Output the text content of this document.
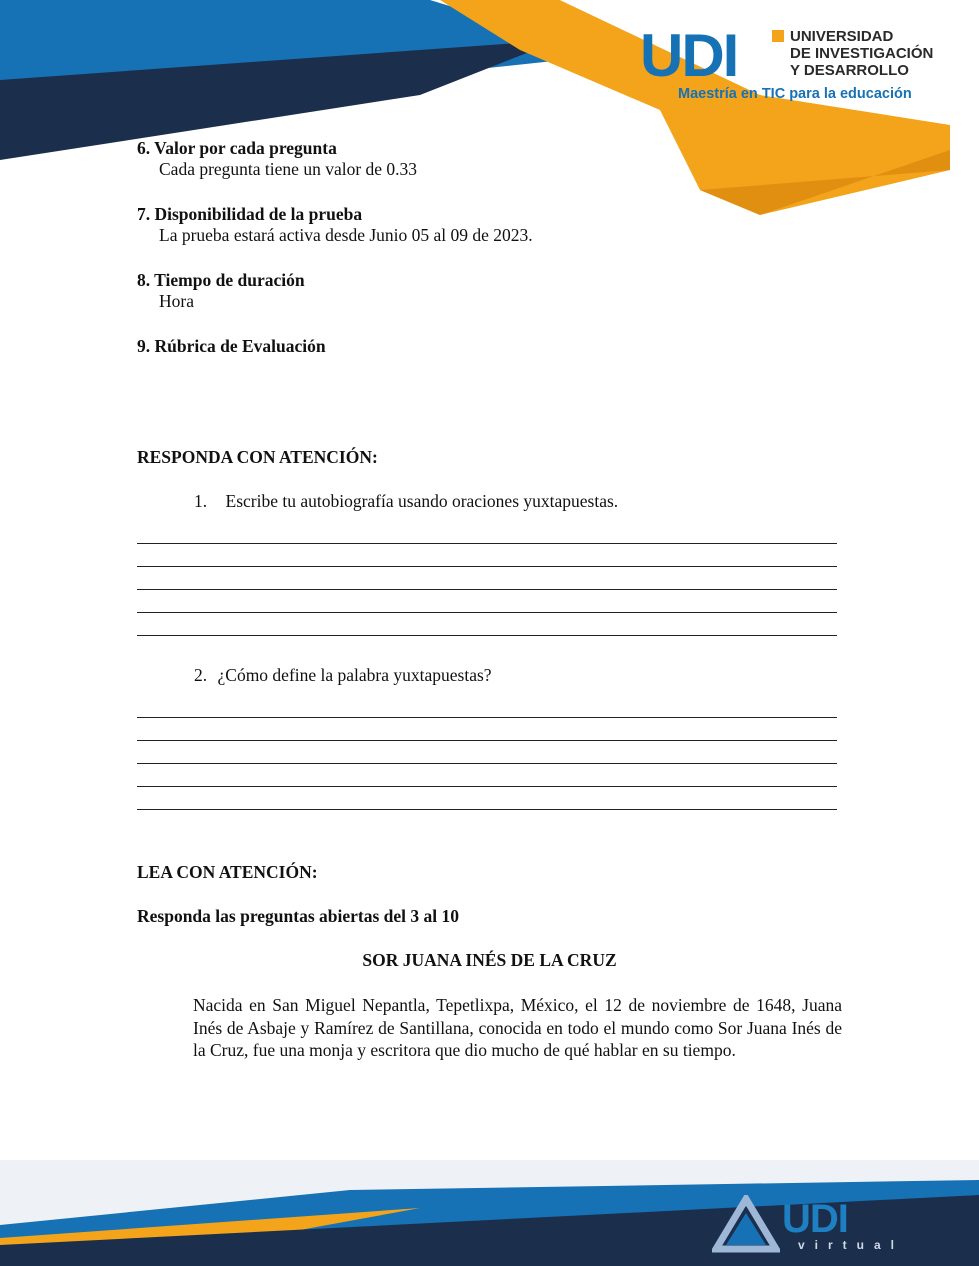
UDI	UNIVERSIDAD
DE INVESTIGACIÓN
Y DESARROLLO
Maestría en TIC para la educación
6. Valor por cada pregunta
Cada pregunta tiene un valor de 0.33
7. Disponibilidad de la prueba
La prueba estará activa desde Junio 05 al 09 de 2023.
8. Tiempo de duración
Hora
9. Rúbrica de Evaluación
RESPONDA CON ATENCIÓN:
1. Escribe tu autobiografía usando oraciones yuxtapuestas.
2. ¿Cómo define la palabra yuxtapuestas?
LEA CON ATENCIÓN:
Responda las preguntas abiertas del 3 al 10
SOR JUANA INÉS DE LA CRUZ
Nacida en San Miguel Nepantla, Tepetlixpa, México, el 12 de noviembre de 1648, Juana Inés de Asbaje y Ramírez de Santillana, conocida en todo el mundo como Sor Juana Inés de la Cruz, fue una monja y escritora que dio mucho de qué hablar en su tiempo.
UDI
virtual
